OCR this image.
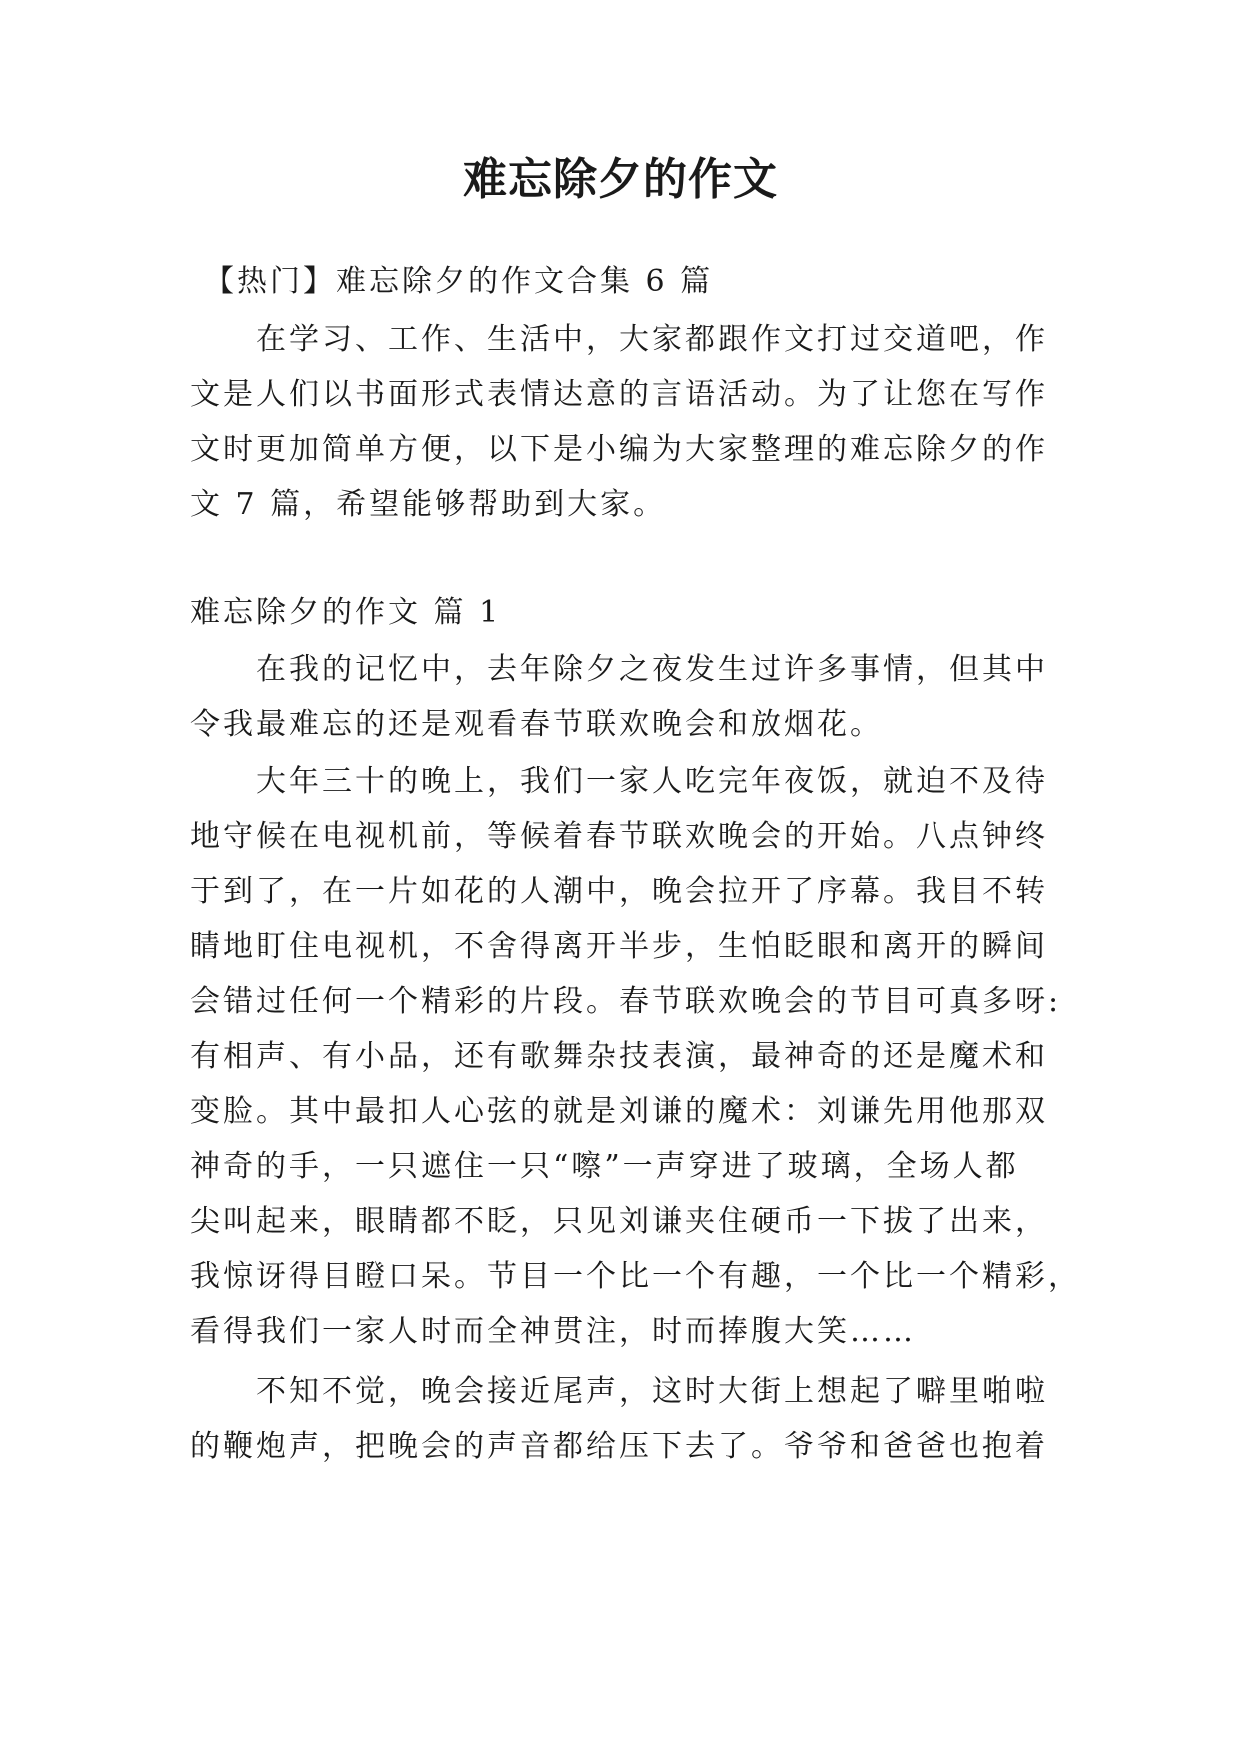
难忘除夕的作文
【热门】难忘除夕的作文合集 6 篇
在学习、工作、生活中，大家都跟作文打过交道吧，作
文是人们以书面形式表情达意的言语活动。为了让您在写作
文时更加简单方便，以下是小编为大家整理的难忘除夕的作
文 7 篇，希望能够帮助到大家。
难忘除夕的作文 篇 1
在我的记忆中，去年除夕之夜发生过许多事情，但其中
令我最难忘的还是观看春节联欢晚会和放烟花。
大年三十的晚上，我们一家人吃完年夜饭，就迫不及待
地守候在电视机前，等候着春节联欢晚会的开始。八点钟终
于到了，在一片如花的人潮中，晚会拉开了序幕。我目不转
睛地盯住电视机，不舍得离开半步，生怕眨眼和离开的瞬间
会错过任何一个精彩的片段。春节联欢晚会的节目可真多呀:
有相声、有小品，还有歌舞杂技表演，最神奇的还是魔术和
变脸。其中最扣人心弦的就是刘谦的魔术：刘谦先用他那双
神奇的手，一只遮住一只“嚓”一声穿进了玻璃，全场人都
尖叫起来，眼睛都不眨，只见刘谦夹住硬币一下拔了出来，
我惊讶得目瞪口呆。节目一个比一个有趣，一个比一个精彩，
看得我们一家人时而全神贯注，时而捧腹大笑……
不知不觉，晚会接近尾声，这时大街上想起了噼里啪啦
的鞭炮声，把晚会的声音都给压下去了。爷爷和爸爸也抱着
